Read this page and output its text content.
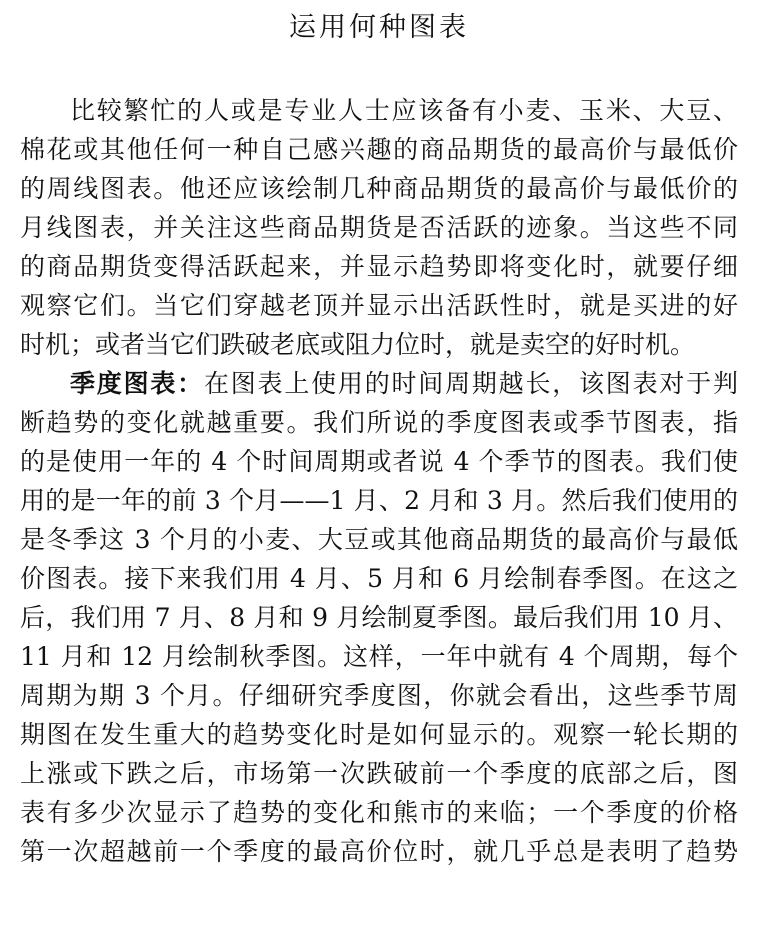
运用何种图表
比较繁忙的人或是专业人士应该备有小麦、玉米、大豆、
棉花或其他任何一种自己感兴趣的商品期货的最高价与最低价
的周线图表。他还应该绘制几种商品期货的最高价与最低价的
月线图表，并关注这些商品期货是否活跃的迹象。当这些不同
的商品期货变得活跃起来，并显示趋势即将变化时，就要仔细
观察它们。当它们穿越老顶并显示出活跃性时，就是买进的好
时机；或者当它们跌破老底或阻力位时，就是卖空的好时机。
季度图表：在图表上使用的时间周期越长，该图表对于判
断趋势的变化就越重要。我们所说的季度图表或季节图表，指
的是使用一年的 4 个时间周期或者说 4 个季节的图表。我们使
用的是一年的前 3 个月——1 月、2 月和 3 月。然后我们使用的
是冬季这 3 个月的小麦、大豆或其他商品期货的最高价与最低
价图表。接下来我们用 4 月、5 月和 6 月绘制春季图。在这之
后，我们用 7 月、8 月和 9 月绘制夏季图。最后我们用 10 月、
11 月和 12 月绘制秋季图。这样，一年中就有 4 个周期，每个
周期为期 3 个月。仔细研究季度图，你就会看出，这些季节周
期图在发生重大的趋势变化时是如何显示的。观察一轮长期的
上涨或下跌之后，市场第一次跌破前一个季度的底部之后，图
表有多少次显示了趋势的变化和熊市的来临；一个季度的价格
第一次超越前一个季度的最高价位时，就几乎总是表明了趋势
